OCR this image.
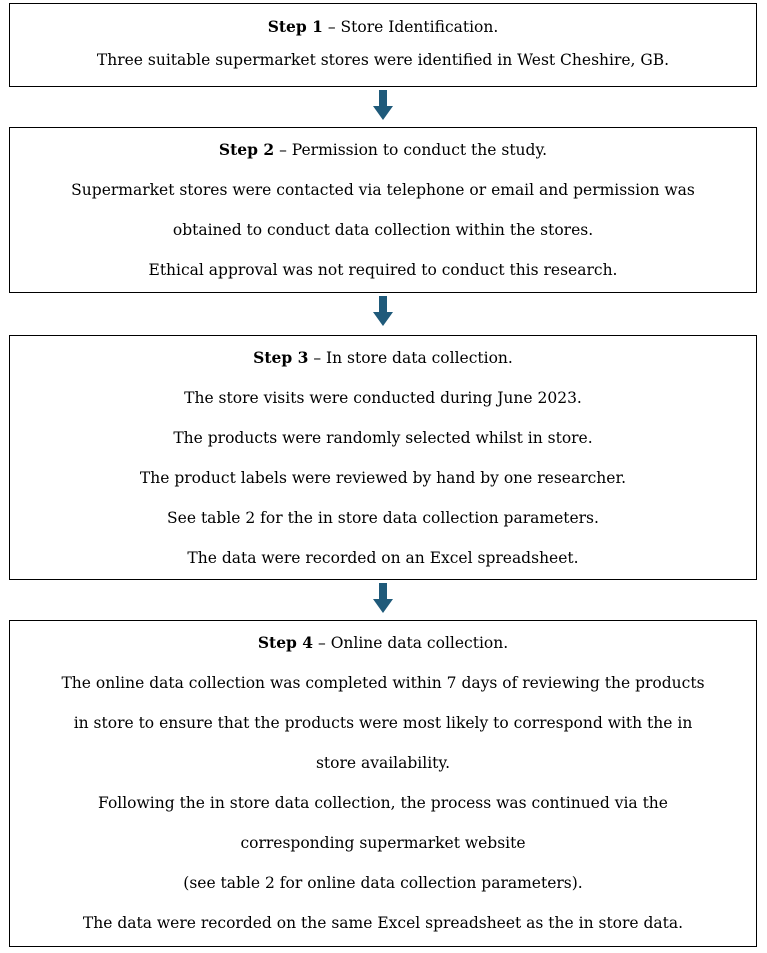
Step 1 – Store Identification.
Three suitable supermarket stores were identified in West Cheshire, GB.
Step 2 – Permission to conduct the study.
Supermarket stores were contacted via telephone or email and permission was
obtained to conduct data collection within the stores.
Ethical approval was not required to conduct this research.
Step 3 – In store data collection.
The store visits were conducted during June 2023.
The products were randomly selected whilst in store.
The product labels were reviewed by hand by one researcher.
See table 2 for the in store data collection parameters.
The data were recorded on an Excel spreadsheet.
Step 4 – Online data collection.
The online data collection was completed within 7 days of reviewing the products
in store to ensure that the products were most likely to correspond with the in
store availability.
Following the in store data collection, the process was continued via the
corresponding supermarket website
(see table 2 for online data collection parameters).
The data were recorded on the same Excel spreadsheet as the in store data.
